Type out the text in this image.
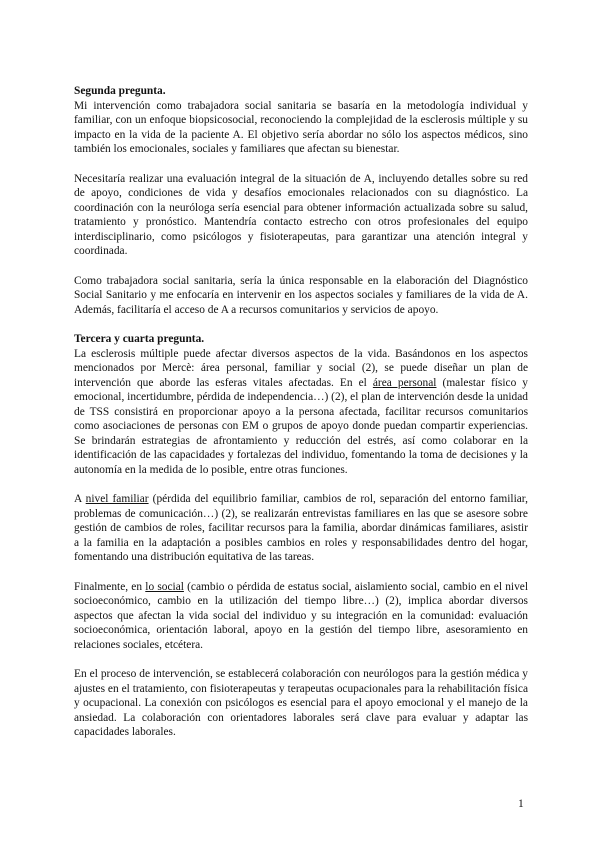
Segunda pregunta.

Mi intervención como trabajadora social sanitaria se basaría en la metodología individual y familiar, con un enfoque biopsicosocial, reconociendo la complejidad de la esclerosis múltiple y su impacto en la vida de la paciente A. El objetivo sería abordar no sólo los aspectos médicos, sino también los emocionales, sociales y familiares que afectan su bienestar.

Necesitaría realizar una evaluación integral de la situación de A, incluyendo detalles sobre su red de apoyo, condiciones de vida y desafíos emocionales relacionados con su diagnóstico. La coordinación con la neuróloga sería esencial para obtener información actualizada sobre su salud, tratamiento y pronóstico. Mantendría contacto estrecho con otros profesionales del equipo interdisciplinario, como psicólogos y fisioterapeutas, para garantizar una atención integral y coordinada.

Como trabajadora social sanitaria, sería la única responsable en la elaboración del Diagnóstico Social Sanitario y me enfocaría en intervenir en los aspectos sociales y familiares de la vida de A. Además, facilitaría el acceso de A a recursos comunitarios y servicios de apoyo.

Tercera y cuarta pregunta.

La esclerosis múltiple puede afectar diversos aspectos de la vida. Basándonos en los aspectos mencionados por Mercè: área personal, familiar y social (2), se puede diseñar un plan de intervención que aborde las esferas vitales afectadas. En el área personal (malestar físico y emocional, incertidumbre, pérdida de independencia…) (2), el plan de intervención desde la unidad de TSS consistirá en proporcionar apoyo a la persona afectada, facilitar recursos comunitarios como asociaciones de personas con EM o grupos de apoyo donde puedan compartir experiencias. Se brindarán estrategias de afrontamiento y reducción del estrés, así como colaborar en la identificación de las capacidades y fortalezas del individuo, fomentando la toma de decisiones y la autonomía en la medida de lo posible, entre otras funciones.

A nivel familiar (pérdida del equilibrio familiar, cambios de rol, separación del entorno familiar, problemas de comunicación…) (2), se realizarán entrevistas familiares en las que se asesore sobre gestión de cambios de roles, facilitar recursos para la familia, abordar dinámicas familiares, asistir a la familia en la adaptación a posibles cambios en roles y responsabilidades dentro del hogar, fomentando una distribución equitativa de las tareas.

Finalmente, en lo social (cambio o pérdida de estatus social, aislamiento social, cambio en el nivel socioeconómico, cambio en la utilización del tiempo libre…) (2), implica abordar diversos aspectos que afectan la vida social del individuo y su integración en la comunidad: evaluación socioeconómica, orientación laboral, apoyo en la gestión del tiempo libre, asesoramiento en relaciones sociales, etcétera.

En el proceso de intervención, se establecerá colaboración con neurólogos para la gestión médica y ajustes en el tratamiento, con fisioterapeutas y terapeutas ocupacionales para la rehabilitación física y ocupacional. La conexión con psicólogos es esencial para el apoyo emocional y el manejo de la ansiedad. La colaboración con orientadores laborales será clave para evaluar y adaptar las capacidades laborales.

1
